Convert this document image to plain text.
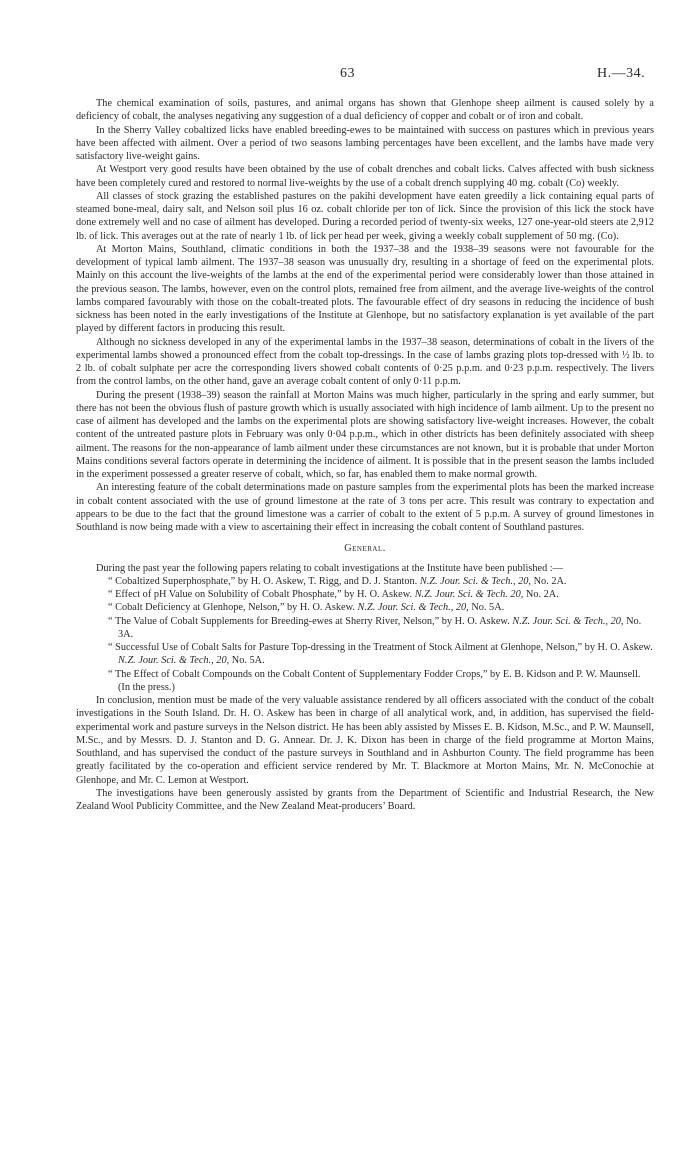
63	H.—34.

The chemical examination of soils, pastures, and animal organs has shown that Glenhope sheep ailment is caused solely by a deficiency of cobalt, the analyses negativing any suggestion of a dual deficiency of copper and cobalt or of iron and cobalt.

In the Sherry Valley cobaltized licks have enabled breeding-ewes to be maintained with success on pastures which in previous years have been affected with ailment. Over a period of two seasons lambing percentages have been excellent, and the lambs have made very satisfactory live-weight gains.

At Westport very good results have been obtained by the use of cobalt drenches and cobalt licks. Calves affected with bush sickness have been completely cured and restored to normal live-weights by the use of a cobalt drench supplying 40 mg. cobalt (Co) weekly.

All classes of stock grazing the established pastures on the pakihi development have eaten greedily a lick containing equal parts of steamed bone-meal, dairy salt, and Nelson soil plus 16 oz. cobalt chloride per ton of lick. Since the provision of this lick the stock have done extremely well and no case of ailment has developed. During a recorded period of twenty-six weeks, 127 one-year-old steers ate 2,912 lb. of lick. This averages out at the rate of nearly 1 lb. of lick per head per week, giving a weekly cobalt supplement of 50 mg. (Co).

At Morton Mains, Southland, climatic conditions in both the 1937–38 and the 1938–39 seasons were not favourable for the development of typical lamb ailment. The 1937–38 season was unusually dry, resulting in a shortage of feed on the experimental plots. Mainly on this account the live-weights of the lambs at the end of the experimental period were considerably lower than those attained in the previous season. The lambs, however, even on the control plots, remained free from ailment, and the average live-weights of the control lambs compared favourably with those on the cobalt-treated plots. The favourable effect of dry seasons in reducing the incidence of bush sickness has been noted in the early investigations of the Institute at Glenhope, but no satisfactory explanation is yet available of the part played by different factors in producing this result.

Although no sickness developed in any of the experimental lambs in the 1937–38 season, determinations of cobalt in the livers of the experimental lambs showed a pronounced effect from the cobalt top-dressings. In the case of lambs grazing plots top-dressed with ½ lb. to 2 lb. of cobalt sulphate per acre the corresponding livers showed cobalt contents of 0·25 p.p.m. and 0·23 p.p.m. respectively. The livers from the control lambs, on the other hand, gave an average cobalt content of only 0·11 p.p.m.

During the present (1938–39) season the rainfall at Morton Mains was much higher, particularly in the spring and early summer, but there has not been the obvious flush of pasture growth which is usually associated with high incidence of lamb ailment. Up to the present no case of ailment has developed and the lambs on the experimental plots are showing satisfactory live-weight increases. However, the cobalt content of the untreated pasture plots in February was only 0·04 p.p.m., which in other districts has been definitely associated with sheep ailment. The reasons for the non-appearance of lamb ailment under these circumstances are not known, but it is probable that under Morton Mains conditions several factors operate in determining the incidence of ailment. It is possible that in the present season the lambs included in the experiment possessed a greater reserve of cobalt, which, so far, has enabled them to make normal growth.

An interesting feature of the cobalt determinations made on pasture samples from the experimental plots has been the marked increase in cobalt content associated with the use of ground limestone at the rate of 3 tons per acre. This result was contrary to expectation and appears to be due to the fact that the ground limestone was a carrier of cobalt to the extent of 5 p.p.m. A survey of ground limestones in Southland is now being made with a view to ascertaining their effect in increasing the cobalt content of Southland pastures.

General.

During the past year the following papers relating to cobalt investigations at the Institute have been published :—

“ Cobaltized Superphosphate,” by H. O. Askew, T. Rigg, and D. J. Stanton. N.Z. Jour. Sci. & Tech., 20, No. 2A.
“ Effect of pH Value on Solubility of Cobalt Phosphate,” by H. O. Askew. N.Z. Jour. Sci. & Tech. 20, No. 2A.
“ Cobalt Deficiency at Glenhope, Nelson,” by H. O. Askew. N.Z. Jour. Sci. & Tech., 20, No. 5A.
“ The Value of Cobalt Supplements for Breeding-ewes at Sherry River, Nelson,” by H. O. Askew. N.Z. Jour. Sci. & Tech., 20, No. 3A.
“ Successful Use of Cobalt Salts for Pasture Top-dressing in the Treatment of Stock Ailment at Glenhope, Nelson,” by H. O. Askew. N.Z. Jour. Sci. & Tech., 20, No. 5A.
“ The Effect of Cobalt Compounds on the Cobalt Content of Supplementary Fodder Crops,” by E. B. Kidson and P. W. Maunsell. (In the press.)

In conclusion, mention must be made of the very valuable assistance rendered by all officers associated with the conduct of the cobalt investigations in the South Island. Dr. H. O. Askew has been in charge of all analytical work, and, in addition, has supervised the field-experimental work and pasture surveys in the Nelson district. He has been ably assisted by Misses E. B. Kidson, M.Sc., and P. W. Maunsell, M.Sc., and by Messrs. D. J. Stanton and D. G. Annear. Dr. J. K. Dixon has been in charge of the field programme at Morton Mains, Southland, and has supervised the conduct of the pasture surveys in Southland and in Ashburton County. The field programme has been greatly facilitated by the co-operation and efficient service rendered by Mr. T. Blackmore at Morton Mains, Mr. N. McConochie at Glenhope, and Mr. C. Lemon at Westport.

The investigations have been generously assisted by grants from the Department of Scientific and Industrial Research, the New Zealand Wool Publicity Committee, and the New Zealand Meat-producers’ Board.
